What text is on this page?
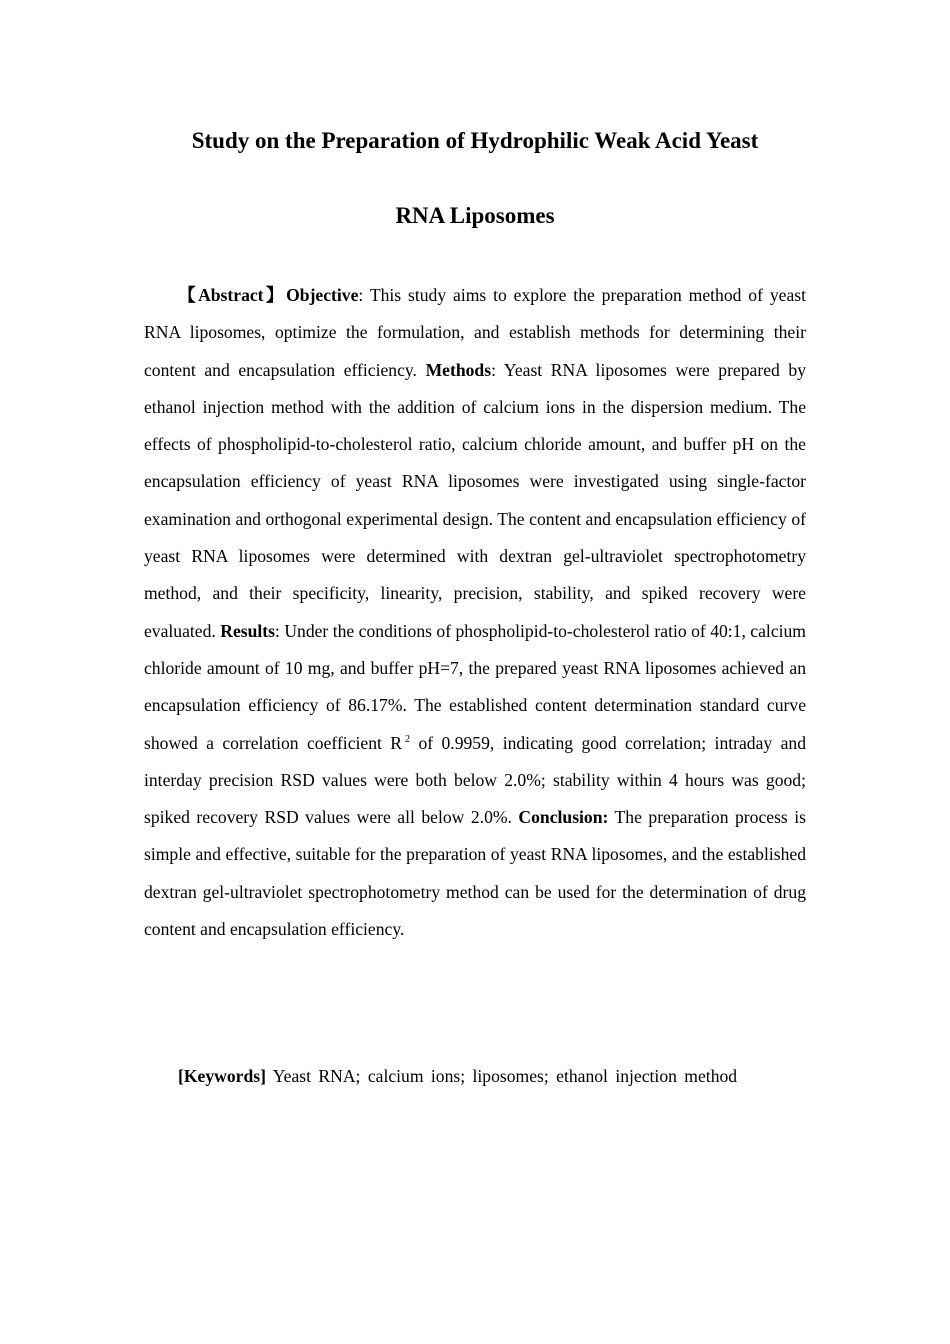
Study on the Preparation of Hydrophilic Weak Acid Yeast
RNA Liposomes

【Abstract】Objective: This study aims to explore the preparation method of yeast RNA liposomes, optimize the formulation, and establish methods for determining their content and encapsulation efficiency. Methods: Yeast RNA liposomes were prepared by ethanol injection method with the addition of calcium ions in the dispersion medium. The effects of phospholipid-to-cholesterol ratio, calcium chloride amount, and buffer pH on the encapsulation efficiency of yeast RNA liposomes were investigated using single-factor examination and orthogonal experimental design. The content and encapsulation efficiency of yeast RNA liposomes were determined with dextran gel-ultraviolet spectrophotometry method, and their specificity, linearity, precision, stability, and spiked recovery were evaluated. Results: Under the conditions of phospholipid-to-cholesterol ratio of 40:1, calcium chloride amount of 10 mg, and buffer pH=7, the prepared yeast RNA liposomes achieved an encapsulation efficiency of 86.17%. The established content determination standard curve showed a correlation coefficient R $^2$ of 0.9959, indicating good correlation; intraday and interday precision RSD values were both below 2.0%; stability within 4 hours was good; spiked recovery RSD values were all below 2.0%. Conclusion: The preparation process is simple and effective, suitable for the preparation of yeast RNA liposomes, and the established dextran gel-ultraviolet spectrophotometry method can be used for the determination of drug content and encapsulation efficiency.

[Keywords] Yeast RNA; calcium ions; liposomes; ethanol injection method
